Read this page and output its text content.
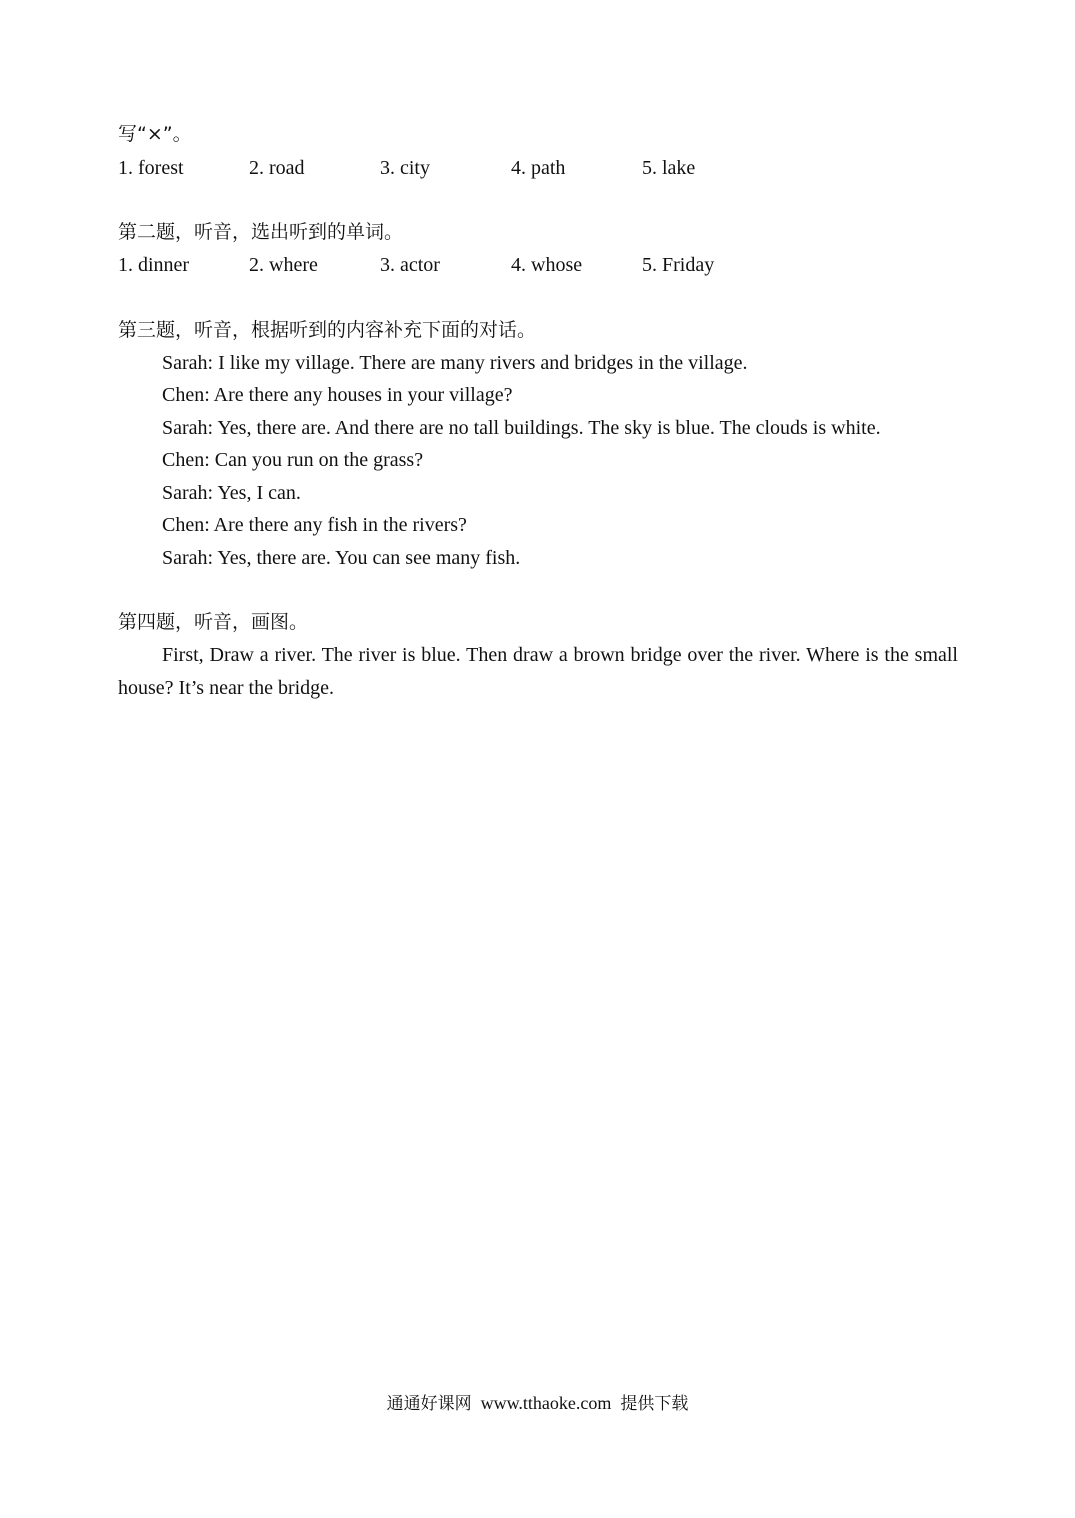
写“×”。
1. forest	2. road	3. city	4. path	5. lake
第二题，听音，选出听到的单词。
1. dinner	2. where	3. actor	4. whose	5. Friday
第三题，听音，根据听到的内容补充下面的对话。
Sarah: I like my village. There are many rivers and bridges in the village.
Chen: Are there any houses in your village?
Sarah: Yes, there are. And there are no tall buildings. The sky is blue. The clouds is white.
Chen: Can you run on the grass?
Sarah: Yes, I can.
Chen: Are there any fish in the rivers?
Sarah: Yes, there are. You can see many fish.
第四题，听音，画图。
First, Draw a river. The river is blue. Then draw a brown bridge over the river. Where is the small house? It’s near the bridge.
通通好课网 www.tthaoke.com 提供下载
